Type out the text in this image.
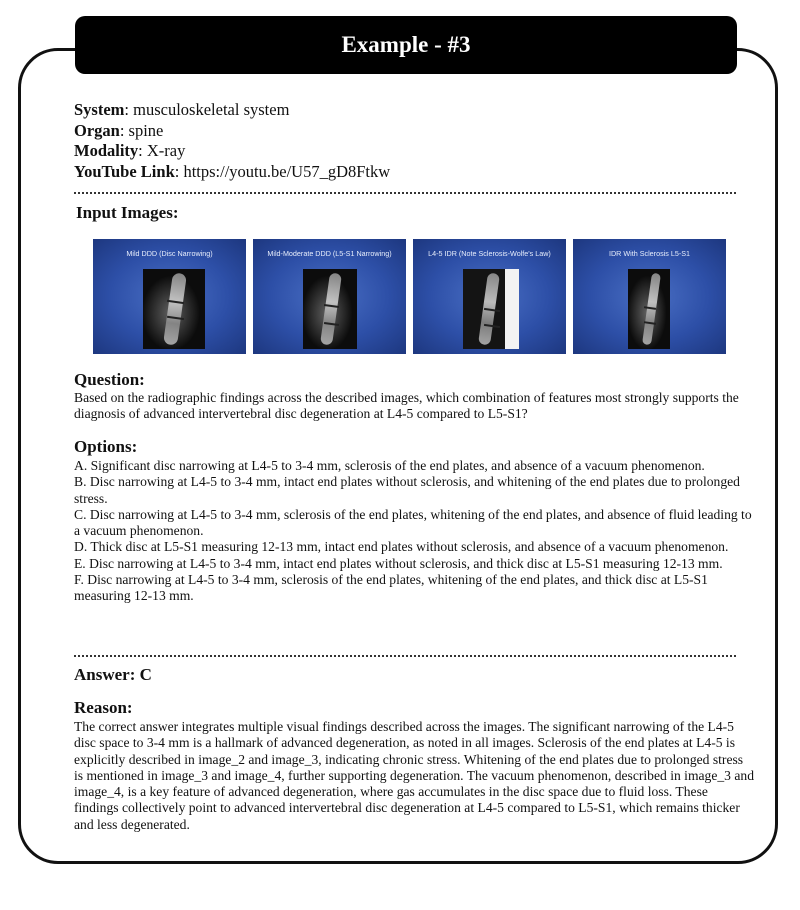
Example - #3
System: musculoskeletal system
Organ: spine
Modality: X-ray
YouTube Link: https://youtu.be/U57_gD8Ftkw
Input Images:
Mild DDD (Disc Narrowing)	Mild-Moderate DDD (L5-S1 Narrowing)	L4-5 IDR (Note Sclerosis-Wolfe's Law)	IDR With Sclerosis L5-S1
Question:
Based on the radiographic findings across the described images, which combination of features most strongly supports the diagnosis of advanced intervertebral disc degeneration at L4-5 compared to L5-S1?
Options:

A. Significant disc narrowing at L4-5 to 3-4 mm, sclerosis of the end plates, and absence of a vacuum phenomenon.

B. Disc narrowing at L4-5 to 3-4 mm, intact end plates without sclerosis, and whitening of the end plates due to prolonged stress.

C. Disc narrowing at L4-5 to 3-4 mm, sclerosis of the end plates, whitening of the end plates, and absence of fluid leading to a vacuum phenomenon.

D. Thick disc at L5-S1 measuring 12-13 mm, intact end plates without sclerosis, and absence of a vacuum phenomenon.

E. Disc narrowing at L4-5 to 3-4 mm, intact end plates without sclerosis, and thick disc at L5-S1 measuring 12-13 mm.

F. Disc narrowing at L4-5 to 3-4 mm, sclerosis of the end plates, whitening of the end plates, and thick disc at L5-S1 measuring 12-13 mm.

Answer: C
Reason:
The correct answer integrates multiple visual findings described across the images. The significant narrowing of the L4-5 disc space to 3-4 mm is a hallmark of advanced degeneration, as noted in all images. Sclerosis of the end plates at L4-5 is explicitly described in image_2 and image_3, indicating chronic stress. Whitening of the end plates due to prolonged stress is mentioned in image_3 and image_4, further supporting degeneration. The vacuum phenomenon, described in image_3 and image_4, is a key feature of advanced degeneration, where gas accumulates in the disc space due to fluid loss. These findings collectively point to advanced intervertebral disc degeneration at L4-5 compared to L5-S1, which remains thicker and less degenerated.
